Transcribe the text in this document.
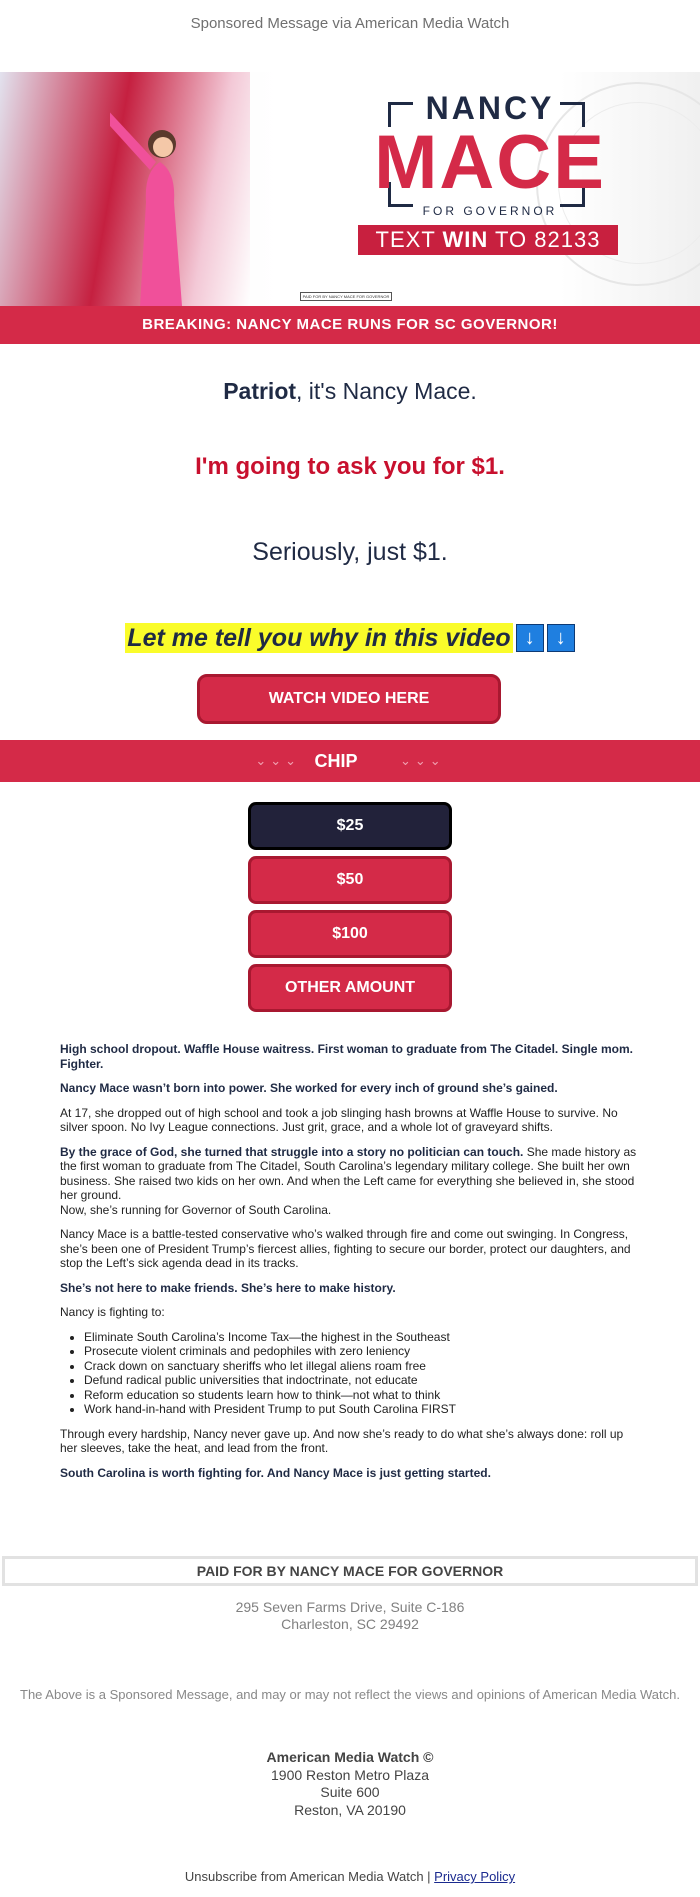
Sponsored Message via American Media Watch
NANCY
MACE
FOR GOVERNOR
TEXT WIN TO 82133
PAID FOR BY NANCY MACE FOR GOVERNOR
BREAKING: NANCY MACE RUNS FOR SC GOVERNOR!
Patriot, it's Nancy Mace.
I'm going to ask you for $1.
Seriously, just $1.
Let me tell you why in this video ↓ ↓
WATCH VIDEO HERE
⌄⌄⌄ CHIP	⌄⌄⌄
$25
$50
$100
OTHER AMOUNT

High school dropout. Waffle House waitress. First woman to graduate from The Citadel. Single mom. Fighter.

Nancy Mace wasn’t born into power. She worked for every inch of ground she’s gained.

At 17, she dropped out of high school and took a job slinging hash browns at Waffle House to survive. No silver spoon. No Ivy League connections. Just grit, grace, and a whole lot of graveyard shifts.

By the grace of God, she turned that struggle into a story no politician can touch. She made history as the first woman to graduate from The Citadel, South Carolina’s legendary military college. She built her own business. She raised two kids on her own. And when the Left came for everything she believed in, she stood her ground.
Now, she’s running for Governor of South Carolina.

Nancy Mace is a battle-tested conservative who’s walked through fire and come out swinging. In Congress, she’s been one of President Trump’s fiercest allies, fighting to secure our border, protect our daughters, and stop the Left’s sick agenda dead in its tracks.

She’s not here to make friends. She’s here to make history.

Nancy is fighting to:

• Eliminate South Carolina’s Income Tax—the highest in the Southeast
• Prosecute violent criminals and pedophiles with zero leniency
• Crack down on sanctuary sheriffs who let illegal aliens roam free
• Defund radical public universities that indoctrinate, not educate
• Reform education so students learn how to think—not what to think
• Work hand-in-hand with President Trump to put South Carolina FIRST

Through every hardship, Nancy never gave up. And now she’s ready to do what she’s always done: roll up her sleeves, take the heat, and lead from the front.

South Carolina is worth fighting for. And Nancy Mace is just getting started.

PAID FOR BY NANCY MACE FOR GOVERNOR
295 Seven Farms Drive, Suite C-186
Charleston, SC 29492
The Above is a Sponsored Message, and may or may not reflect the views and opinions of American Media Watch.
American Media Watch ©
1900 Reston Metro Plaza
Suite 600
Reston, VA 20190
Unsubscribe from American Media Watch | Privacy Policy
